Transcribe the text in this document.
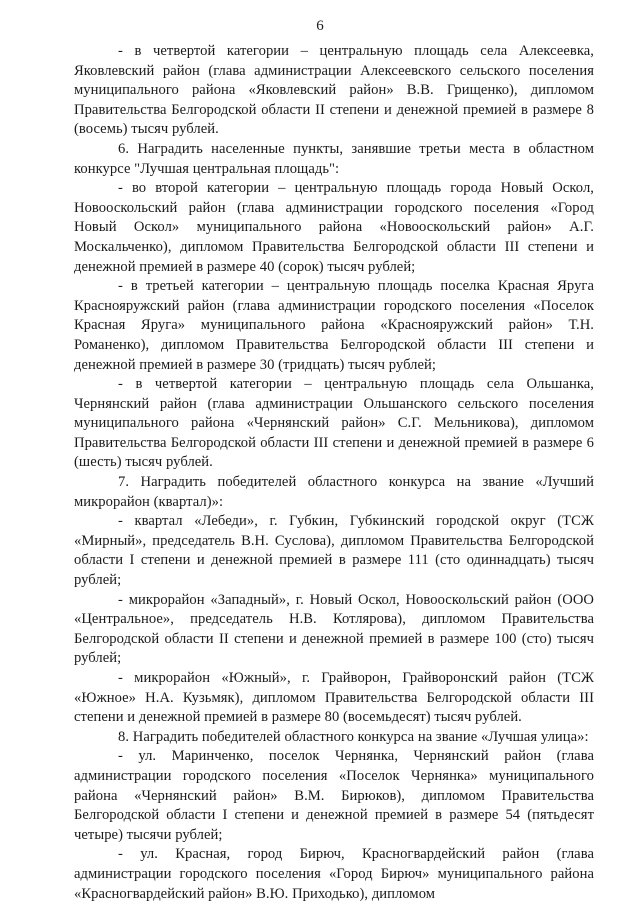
6

- в четвертой категории – центральную площадь села Алексеевка, Яковлевский район (глава администрации Алексеевского сельского поселения муниципального района «Яковлевский район» В.В. Грищенко), дипломом Правительства Белгородской области II степени и денежной премией в размере 8 (восемь) тысяч рублей.

6. Наградить населенные пункты, занявшие третьи места в областном конкурсе "Лучшая центральная площадь":

- во второй категории – центральную площадь города Новый Оскол, Новооскольский район (глава администрации городского поселения «Город Новый Оскол» муниципального района «Новооскольский район» А.Г. Москальченко), дипломом Правительства Белгородской области III степени и денежной премией в размере 40 (сорок) тысяч рублей;

- в третьей категории – центральную площадь поселка Красная Яруга Краснояружский район (глава администрации городского поселения «Поселок Красная Яруга» муниципального района «Краснояружский район» Т.Н. Романенко), дипломом Правительства Белгородской области III степени и денежной премией в размере 30 (тридцать) тысяч рублей;

- в четвертой категории – центральную площадь села Ольшанка, Чернянский район (глава администрации Ольшанского сельского поселения муниципального района «Чернянский район» С.Г. Мельникова), дипломом Правительства Белгородской области III степени и денежной премией в размере 6 (шесть) тысяч рублей.

7. Наградить победителей областного конкурса на звание «Лучший микрорайон (квартал)»:

- квартал «Лебеди», г. Губкин, Губкинский городской округ (ТСЖ «Мирный», председатель В.Н. Суслова), дипломом Правительства Белгородской области I степени и денежной премией в размере 111 (сто одиннадцать) тысяч рублей;

- микрорайон «Западный», г. Новый Оскол, Новооскольский район (ООО «Центральное», председатель Н.В. Котлярова), дипломом Правительства Белгородской области II степени и денежной премией в размере 100 (сто) тысяч рублей;

- микрорайон «Южный», г. Грайворон, Грайворонский район (ТСЖ «Южное» Н.А. Кузьмяк), дипломом Правительства Белгородской области III степени и денежной премией в размере 80 (восемьдесят) тысяч рублей.

8. Наградить победителей областного конкурса на звание «Лучшая улица»:

- ул. Маринченко, поселок Чернянка, Чернянский район (глава администрации городского поселения «Поселок Чернянка» муниципального района «Чернянский район» В.М. Бирюков), дипломом Правительства Белгородской области I степени и денежной премией в размере 54 (пятьдесят четыре) тысячи рублей;

- ул. Красная, город Бирюч, Красногвардейский район (глава администрации городского поселения «Город Бирюч» муниципального района «Красногвардейский район» В.Ю. Приходько), дипломом
